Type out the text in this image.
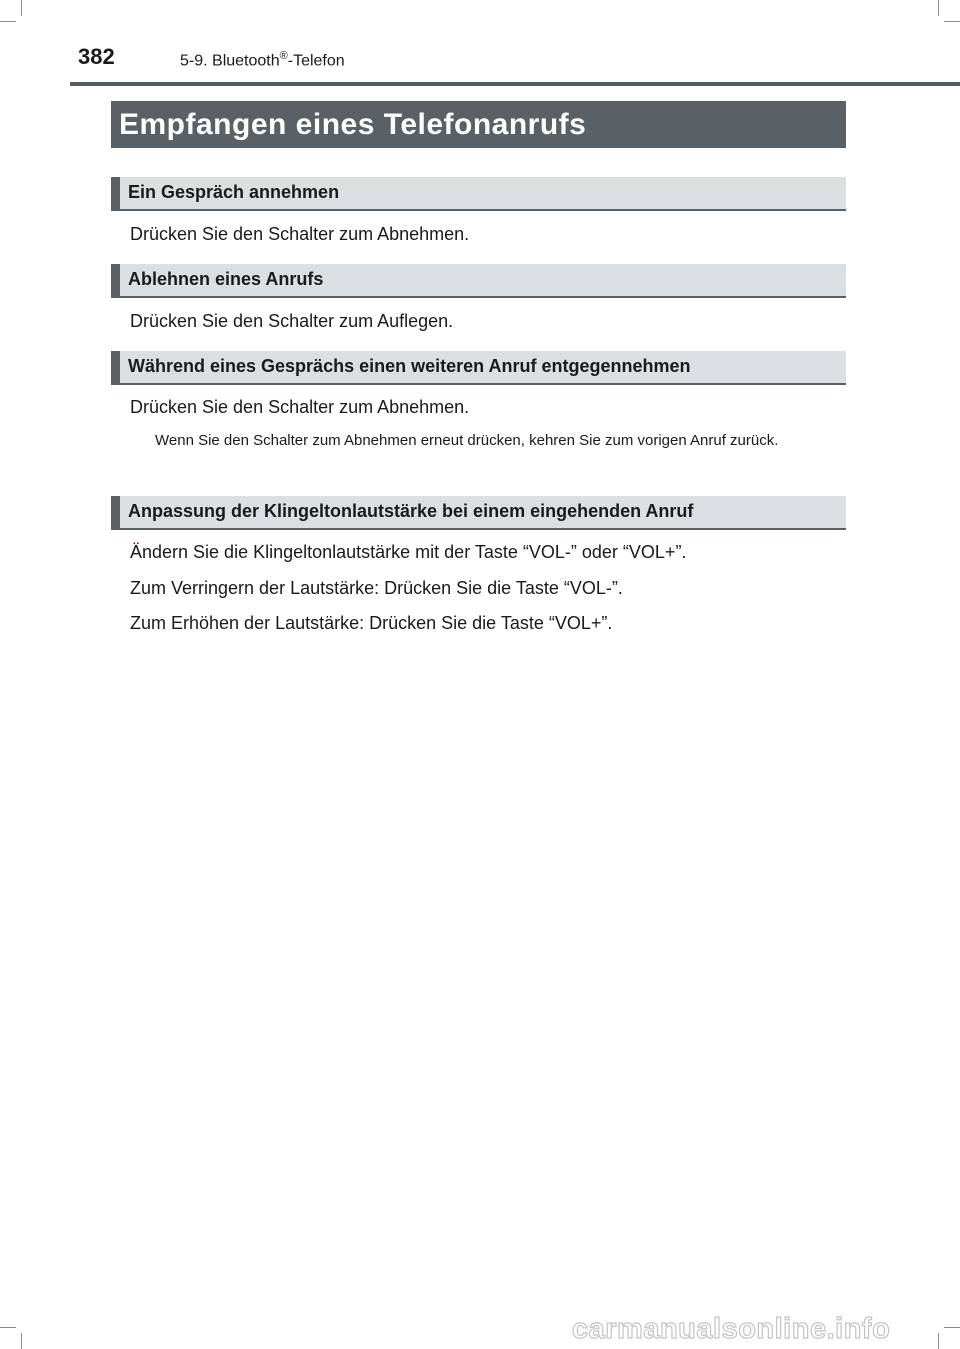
382	5-9. Bluetooth®-Telefon
Empfangen eines Telefonanrufs
Ein Gespräch annehmen
Drücken Sie den Schalter zum Abnehmen.
Ablehnen eines Anrufs
Drücken Sie den Schalter zum Auflegen.
Während eines Gesprächs einen weiteren Anruf entgegennehmen
Drücken Sie den Schalter zum Abnehmen.
Wenn Sie den Schalter zum Abnehmen erneut drücken, kehren Sie zum vorigen Anruf zurück.
Anpassung der Klingeltonlautstärke bei einem eingehenden Anruf
Ändern Sie die Klingeltonlautstärke mit der Taste “VOL-” oder “VOL+”.
Zum Verringern der Lautstärke: Drücken Sie die Taste “VOL-”.
Zum Erhöhen der Lautstärke: Drücken Sie die Taste “VOL+”.
carmanualsonline.info
